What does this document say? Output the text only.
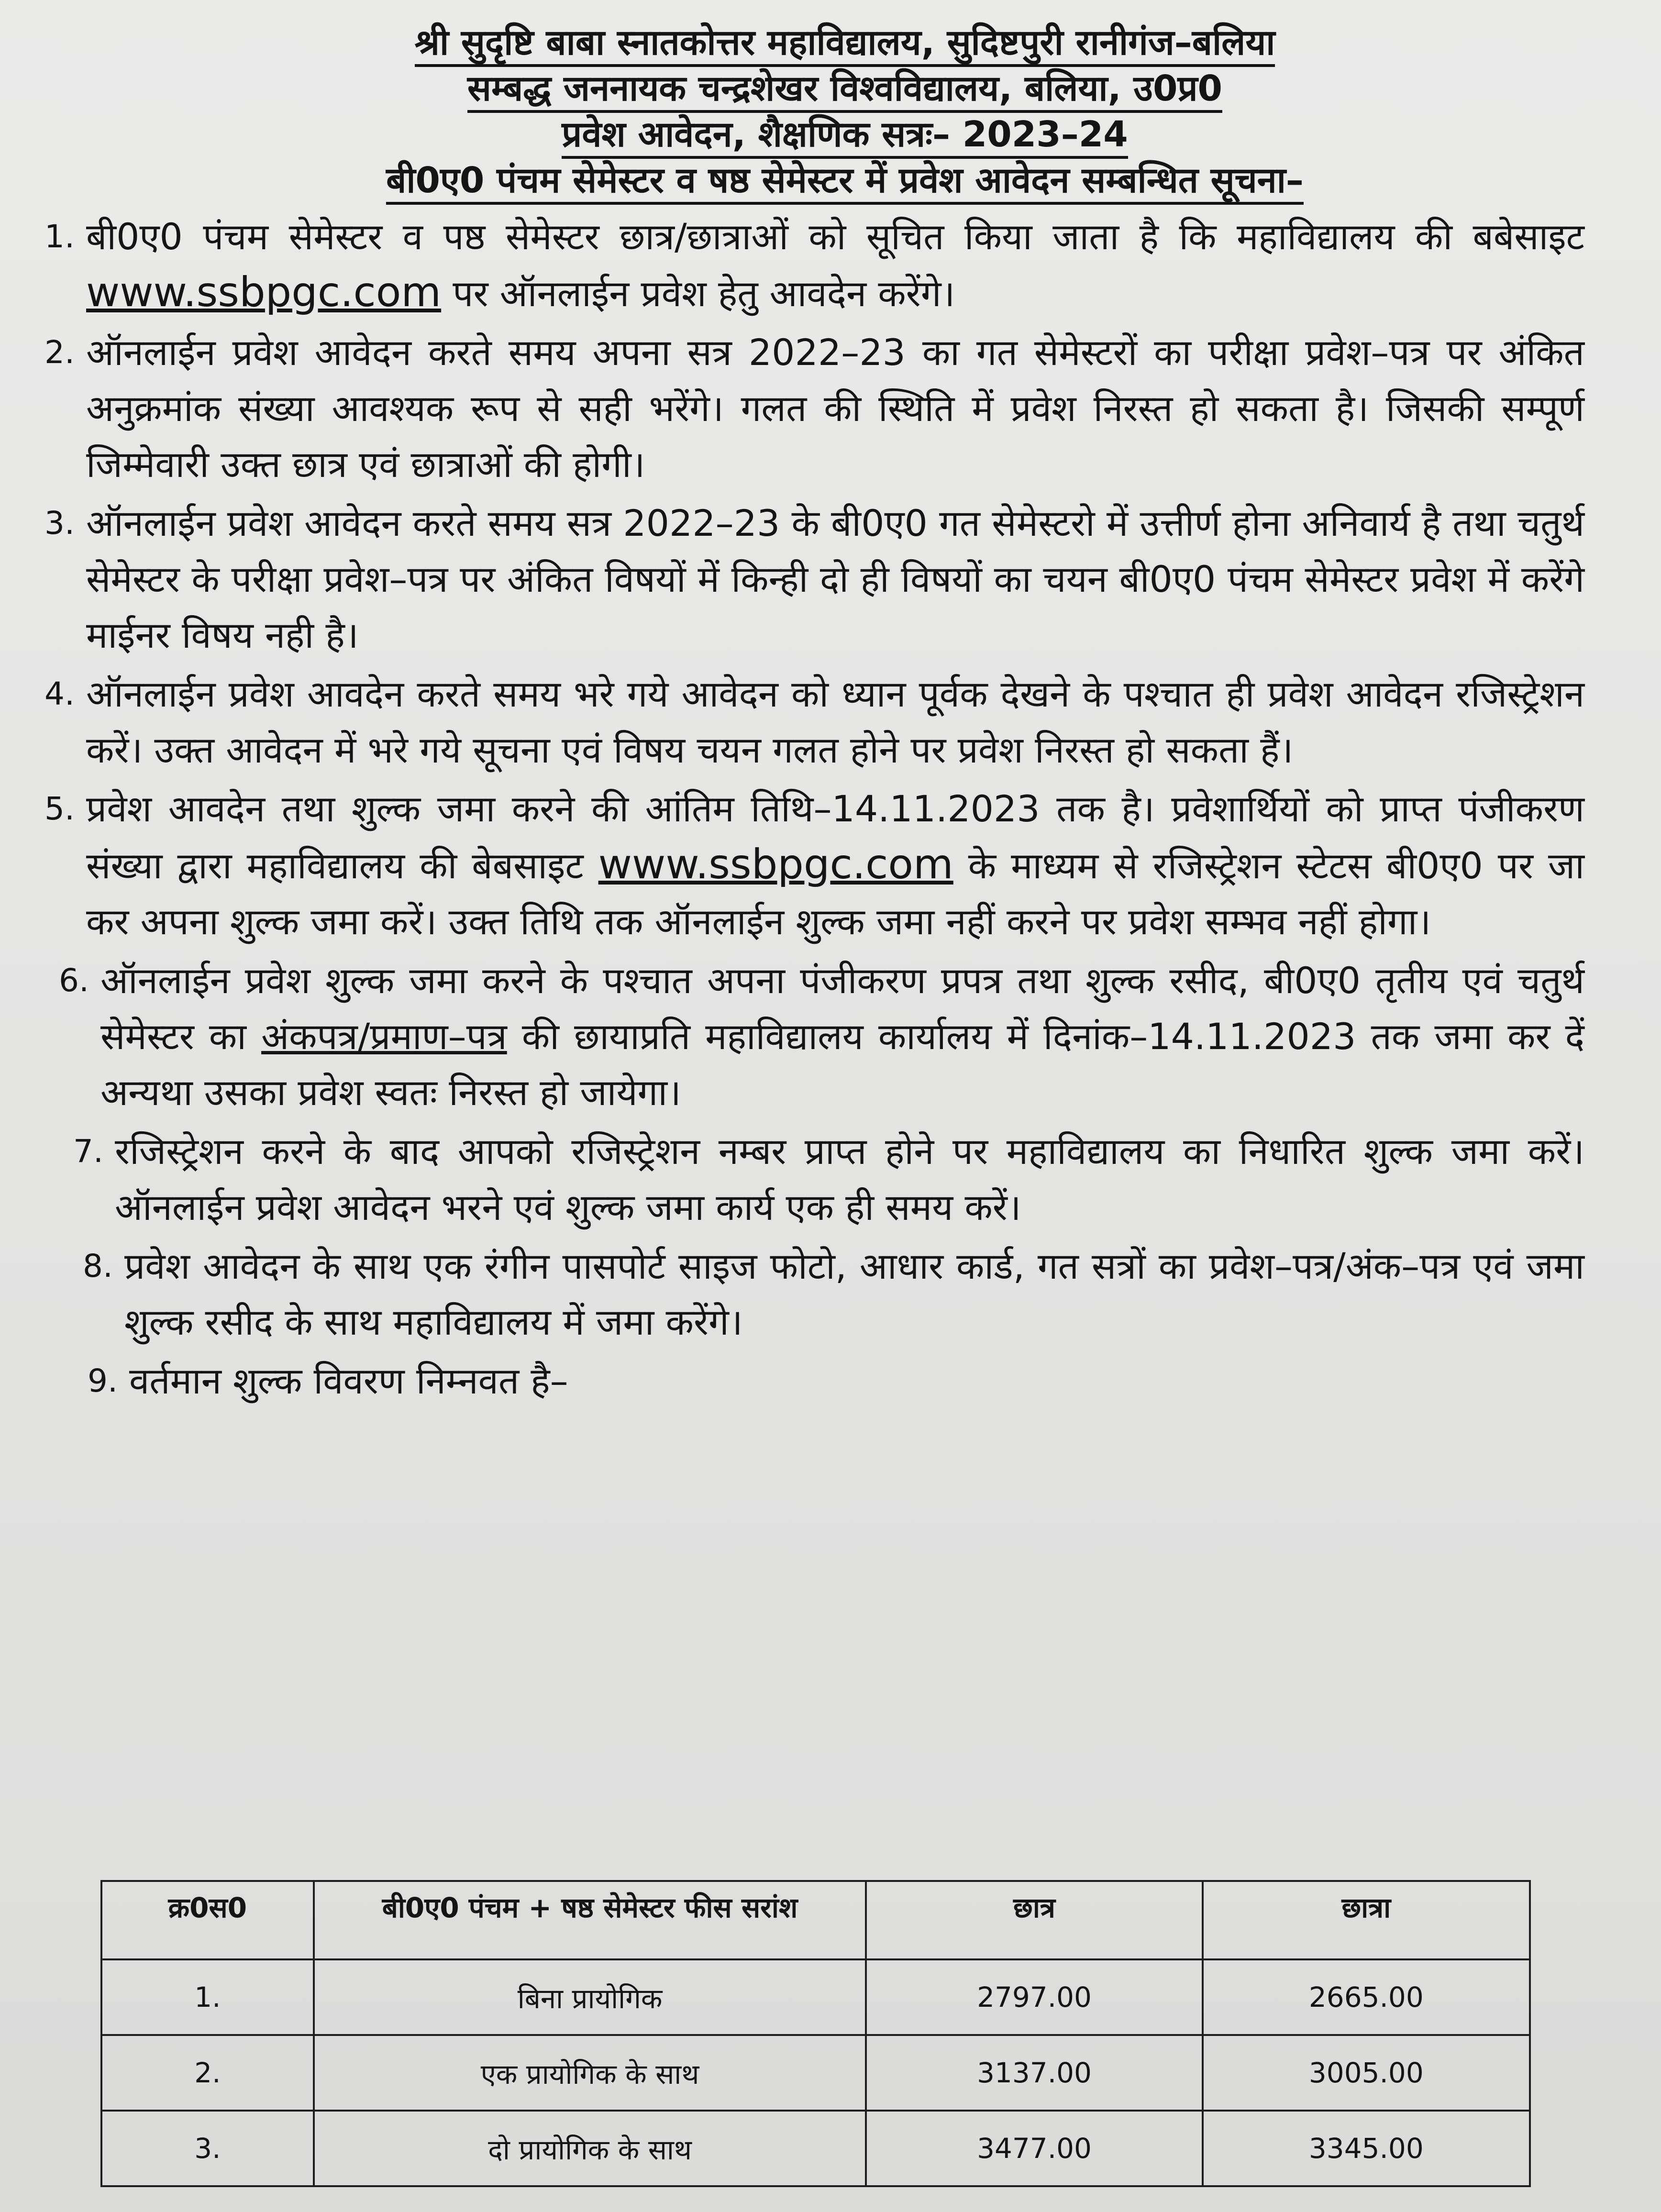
श्री सुदृष्टि बाबा स्नातकोत्तर महाविद्यालय, सुदिष्टपुरी रानीगंज–बलिया
सम्बद्ध जननायक चन्द्रशेखर विश्वविद्यालय, बलिया, उ0प्र0
प्रवेश आवेदन, शैक्षणिक सत्रः– 2023–24
बी0ए0 पंचम सेमेस्टर व षष्ठ सेमेस्टर में प्रवेश आवेदन सम्बन्धित सूचना–
1. बी0ए0 पंचम सेमेस्टर व पष्ठ सेमेस्टर छात्र/छात्राओं को सूचित किया जाता है कि महाविद्यालय की बबेसाइट www.ssbpgc.com पर ऑनलाईन प्रवेश हेतु आवदेन करेंगे।
2. ऑनलाईन प्रवेश आवेदन करते समय अपना सत्र 2022–23 का गत सेमेस्टरों का परीक्षा प्रवेश–पत्र पर अंकित अनुक्रमांक संख्या आवश्यक रूप से सही भरेंगे। गलत की स्थिति में प्रवेश निरस्त हो सकता है। जिसकी सम्पूर्ण जिम्मेवारी उक्त छात्र एवं छात्राओं की होगी।
3. ऑनलाईन प्रवेश आवेदन करते समय सत्र 2022–23 के बी0ए0 गत सेमेस्टरो में उत्तीर्ण होना अनिवार्य है तथा चतुर्थ सेमेस्टर के परीक्षा प्रवेश–पत्र पर अंकित विषयों में किन्ही दो ही विषयों का चयन बी0ए0 पंचम सेमेस्टर प्रवेश में करेंगे माईनर विषय नही है।
4. ऑनलाईन प्रवेश आवदेन करते समय भरे गये आवेदन को ध्यान पूर्वक देखने के पश्चात ही प्रवेश आवेदन रजिस्ट्रेशन करें। उक्त आवेदन में भरे गये सूचना एवं विषय चयन गलत होने पर प्रवेश निरस्त हो सकता हैं।
5. प्रवेश आवदेन तथा शुल्क जमा करने की आंतिम तिथि–14.11.2023 तक है। प्रवेशार्थियों को प्राप्त पंजीकरण संख्या द्वारा महाविद्यालय की बेबसाइट www.ssbpgc.com के माध्यम से रजिस्ट्रेशन स्टेटस बी0ए0 पर जा कर अपना शुल्क जमा करें। उक्त तिथि तक ऑनलाईन शुल्क जमा नहीं करने पर प्रवेश सम्भव नहीं होगा।
6. ऑनलाईन प्रवेश शुल्क जमा करने के पश्चात अपना पंजीकरण प्रपत्र तथा शुल्क रसीद, बी0ए0 तृतीय एवं चतुर्थ सेमेस्टर का अंकपत्र/प्रमाण–पत्र की छायाप्रति महाविद्यालय कार्यालय में दिनांक–14.11.2023 तक जमा कर दें अन्यथा उसका प्रवेश स्वतः निरस्त हो जायेगा।
7. रजिस्ट्रेशन करने के बाद आपको रजिस्ट्रेशन नम्बर प्राप्त होने पर महाविद्यालय का निधारित शुल्क जमा करें। ऑनलाईन प्रवेश आवेदन भरने एवं शुल्क जमा कार्य एक ही समय करें।
8. प्रवेश आवेदन के साथ एक रंगीन पासपोर्ट साइज फोटो, आधार कार्ड, गत सत्रों का प्रवेश–पत्र/अंक–पत्र एवं जमा शुल्क रसीद के साथ महाविद्यालय में जमा करेंगे।
9. वर्तमान शुल्क विवरण निम्नवत है–
क्र0स0	बी0ए0 पंचम + षष्ठ सेमेस्टर फीस सरांश	छात्र	छात्रा
1.	बिना प्रायोगिक	2797.00	2665.00
2.	एक प्रायोगिक के साथ	3137.00	3005.00
3.	दो प्रायोगिक के साथ	3477.00	3345.00
